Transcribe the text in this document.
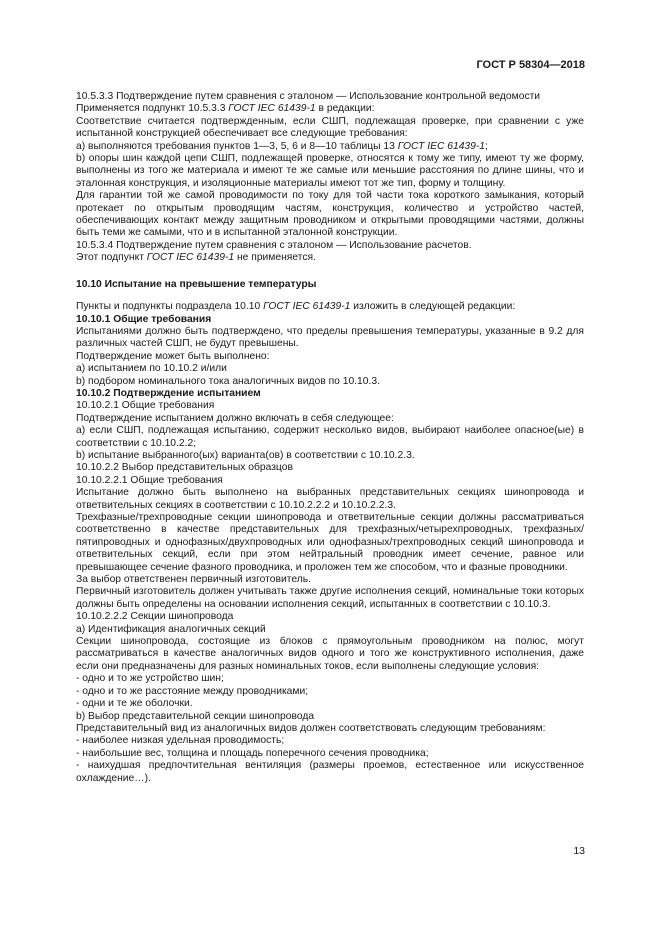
ГОСТ Р 58304—2018

10.5.3.3 Подтверждение путем сравнения с эталоном — Использование контрольной ведомости

Применяется подпункт 10.5.3.3 ГОСТ IEC 61439-1 в редакции:

Соответствие считается подтвержденным, если СШП, подлежащая проверке, при сравнении с уже испытанной конструкцией обеспечивает все следующие требования:

a) выполняются требования пунктов 1—3, 5, 6 и 8—10 таблицы 13 ГОСТ IEC 61439-1;

b) опоры шин каждой цепи СШП, подлежащей проверке, относятся к тому же типу, имеют ту же форму, выполнены из того же материала и имеют те же самые или меньшие расстояния по длине шины, что и эталонная конструкция, и изоляционные материалы имеют тот же тип, форму и толщину.

Для гарантии той же самой проводимости по току для той части тока короткого замыкания, который протекает по открытым проводящим частям, конструкция, количество и устройство частей, обеспечивающих контакт между защитным проводником и открытыми проводящими частями, должны быть теми же самыми, что и в испытанной эталонной конструкции.

10.5.3.4 Подтверждение путем сравнения с эталоном — Использование расчетов.

Этот подпункт ГОСТ IEC 61439-1 не применяется.

10.10 Испытание на превышение температуры

Пункты и подпункты подраздела 10.10 ГОСТ IEC 61439-1 изложить в следующей редакции:

10.10.1 Общие требования

Испытаниями должно быть подтверждено, что пределы превышения температуры, указанные в 9.2 для различных частей СШП, не будут превышены.

Подтверждение может быть выполнено:

a) испытанием по 10.10.2 и/или

b) подбором номинального тока аналогичных видов по 10.10.3.

10.10.2 Подтверждение испытанием

10.10.2.1 Общие требования

Подтверждение испытанием должно включать в себя следующее:

a) если СШП, подлежащая испытанию, содержит несколько видов, выбирают наиболее опасное(ые) в соответствии с 10.10.2.2;

b) испытание выбранного(ых) варианта(ов) в соответствии с 10.10.2.3.

10.10.2.2 Выбор представительных образцов

10.10.2.2.1 Общие требования

Испытание должно быть выполнено на выбранных представительных секциях шинопровода и ответвительных секциях в соответствии с 10.10.2.2.2 и 10.10.2.2.3.

Трехфазные/трехпроводные секции шинопровода и ответвительные секции должны рассматриваться соответственно в качестве представительных для трехфазных/четырехпроводных, трехфазных/пятипроводных и однофазных/двухпроводных или однофазных/трехпроводных секций шинопровода и ответвительных секций, если при этом нейтральный проводник имеет сечение, равное или превышающее сечение фазного проводника, и проложен тем же способом, что и фазные проводники.

За выбор ответственен первичный изготовитель.

Первичный изготовитель должен учитывать также другие исполнения секций, номинальные токи которых должны быть определены на основании исполнения секций, испытанных в соответствии с 10.10.3.

10.10.2.2.2 Секции шинопровода

a) Идентификация аналогичных секций

Секции шинопровода, состоящие из блоков с прямоугольным проводником на полюс, могут рассматриваться в качестве аналогичных видов одного и того же конструктивного исполнения, даже если они предназначены для разных номинальных токов, если выполнены следующие условия:

- одно и то же устройство шин;

- одно и то же расстояние между проводниками;

- одни и те же оболочки.

b) Выбор представительной секции шинопровода

Представительный вид из аналогичных видов должен соответствовать следующим требованиям:

- наиболее низкая удельная проводимость;

- наибольшие вес, толщина и площадь поперечного сечения проводника;

- наихудшая предпочтительная вентиляция (размеры проемов, естественное или искусственное охлаждение…).

13
